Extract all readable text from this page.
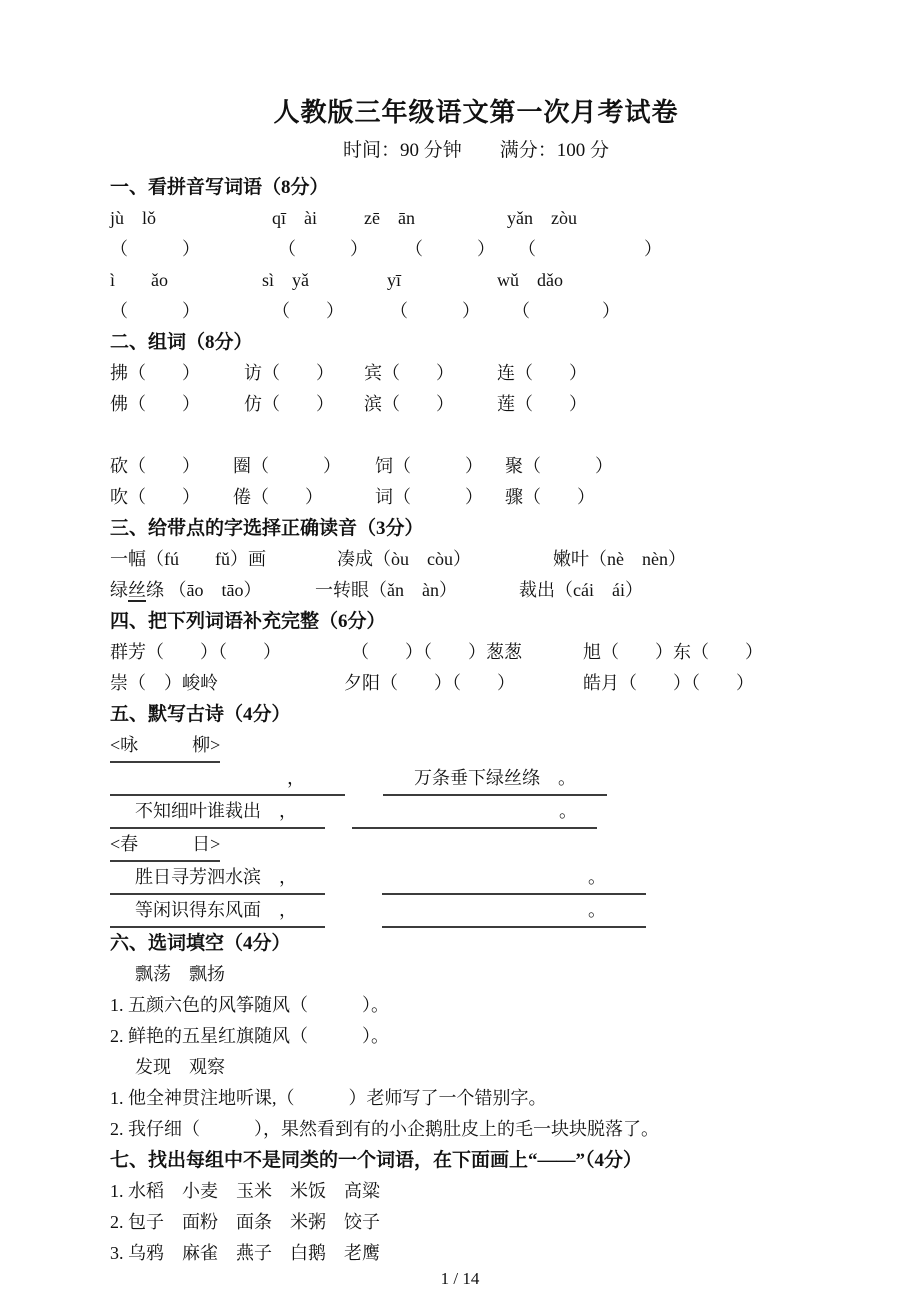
人教版三年级语文第一次月考试卷
时间：90 分钟　　满分：100 分
一、看拼音写词语（8分）
jù　lǒ	qī　ài	zē　ān	yǎn　zòu
（　　　）	（　　　） （　　　） （　　　　　　）
ì　　ǎo	sì　yǎ	yī	wǔ　dǎo
（　　　）	（　　）	（　　　） （　　　　）
二、组词（8分）
拂（　　） 访（　　） 宾（　　） 连（　　）
佛（　　） 仿（　　） 滨（　　） 莲（　　）
砍（　　） 圈（　　　） 饲（　　　） 聚（　　　）
吹（　　） 倦（　　）	词（　　　） 骤（　　）
三、给带点的字选择正确读音（3分）
一幅（fú　　fǔ）画	凑成（òu　còu）	嫩叶（nè　nèn）
绿丝绦 （āo　tāo）	一转眼（ǎn　àn）	裁出（cái　ái）
四、把下列词语补充完整（6分）
群芳（　　）（　　）	（　　）（　　）葱葱	旭（　　）东（　　）
崇（　）峻岭	夕阳（　　）（　　）	皓月（　　）（　　）
五、默写古诗（4分）
<咏　　　柳>
，	万条垂下绿丝绦　。
不知细叶谁裁出　，	。
<春　　　日>
胜日寻芳泗水滨　，	。
等闲识得东风面　，	。
六、选词填空（4分）
飘荡　飘扬
1. 五颜六色的风筝随风（　　　）。
2. 鲜艳的五星红旗随风（　　　）。
发现　观察
1. 他全神贯注地听课,（　　　）老师写了一个错别字。
2. 我仔细（　　　），果然看到有的小企鹅肚皮上的毛一块块脱落了。
七、找出每组中不是同类的一个词语，在下面画上“——”（4分）
1. 水稻　小麦　玉米　米饭　高粱
2. 包子　面粉　面条　米粥　饺子
3. 乌鸦　麻雀　燕子　白鹅　老鹰
1 / 14
